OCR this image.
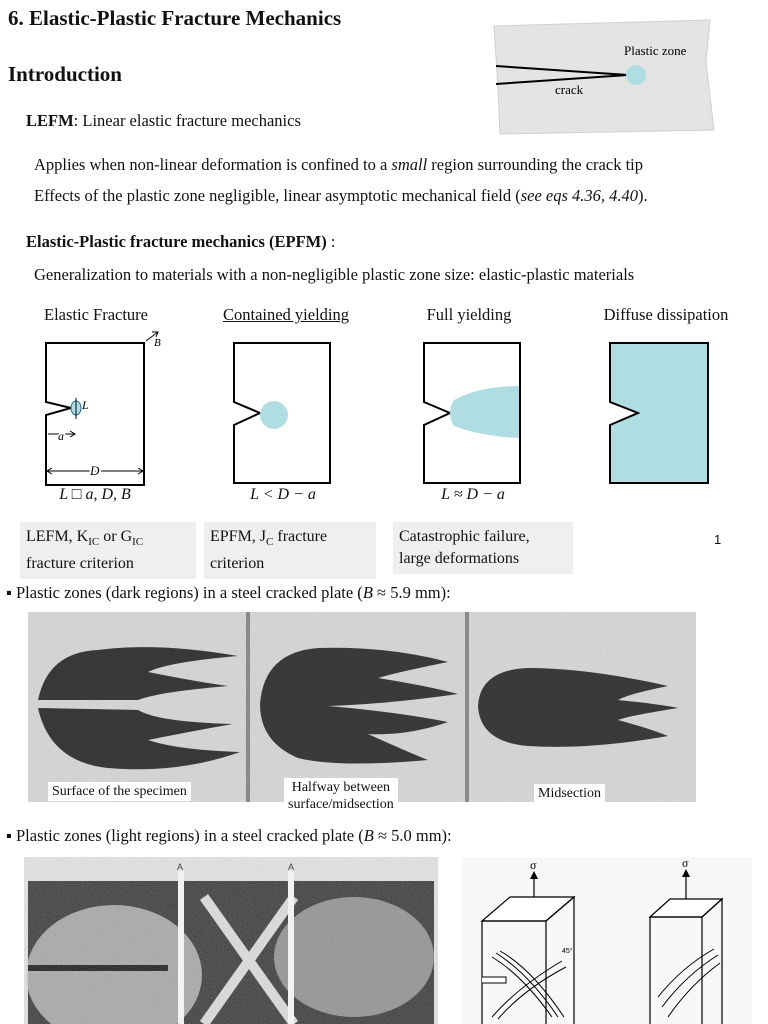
6. Elastic-Plastic Fracture Mechanics
Introduction
Plastic zone
crack
LEFM: Linear elastic fracture mechanics
Applies when non-linear deformation is confined to a small region surrounding the crack tip
Effects of the plastic zone negligible, linear asymptotic mechanical field (see eqs 4.36, 4.40).
Elastic-Plastic fracture mechanics (EPFM) :
Generalization to materials with a non-negligible plastic zone size: elastic-plastic materials
Elastic Fracture	Contained yielding	Full yielding	Diffuse dissipation
L
a
D
B
L □ a, D, B	L < D − a	L ≈ D − a
LEFM, $K_{IC}$ or $G_{IC}$
fracture criterion
EPFM, $J_C$ fracture
criterion
Catastrophic failure,
large deformations
1
▪ Plastic zones (dark regions) in a steel cracked plate (B ≈ 5.9 mm):
Surface of the specimen	Halfway between
surface/midsection
Midsection
▪ Plastic zones (light regions) in a steel cracked plate (B ≈ 5.0 mm):
A	A	σ
45°
σ
